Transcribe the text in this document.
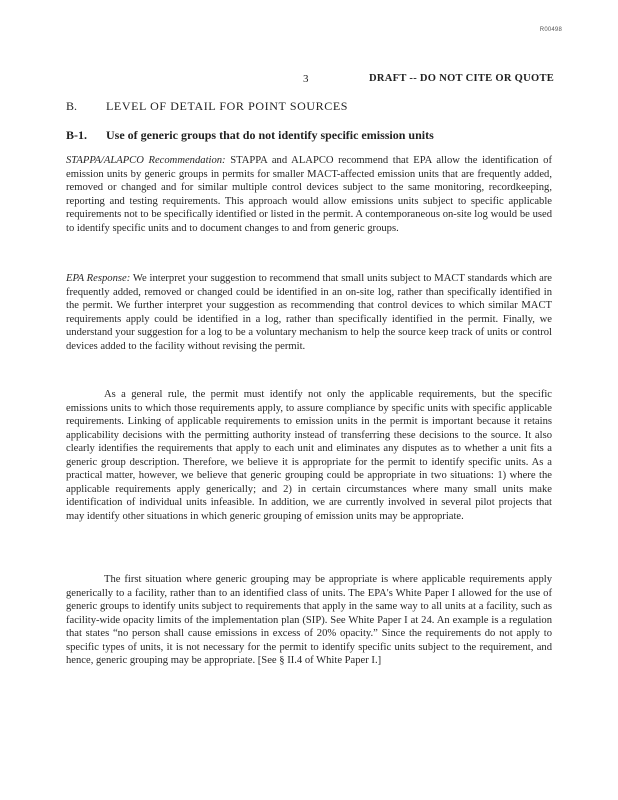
R00498
3	DRAFT -- DO NOT CITE OR QUOTE
B. LEVEL OF DETAIL FOR POINT SOURCES
B-1. Use of generic groups that do not identify specific emission units
STAPPA/ALAPCO Recommendation: STAPPA and ALAPCO recommend that EPA allow the identification of emission units by generic groups in permits for smaller MACT-affected emission units that are frequently added, removed or changed and for similar multiple control devices subject to the same monitoring, recordkeeping, reporting and testing requirements. This approach would allow emissions units subject to specific applicable requirements not to be specifically identified or listed in the permit. A contemporaneous on-site log would be used to identify specific units and to document changes to and from generic groups.
EPA Response: We interpret your suggestion to recommend that small units subject to MACT standards which are frequently added, removed or changed could be identified in an on-site log, rather than specifically identified in the permit. We further interpret your suggestion as recommending that control devices to which similar MACT requirements apply could be identified in a log, rather than specifically identified in the permit. Finally, we understand your suggestion for a log to be a voluntary mechanism to help the source keep track of units or control devices added to the facility without revising the permit.
As a general rule, the permit must identify not only the applicable requirements, but the specific emissions units to which those requirements apply, to assure compliance by specific units with specific applicable requirements. Linking of applicable requirements to emission units in the permit is important because it retains applicability decisions with the permitting authority instead of transferring these decisions to the source. It also clearly identifies the requirements that apply to each unit and eliminates any disputes as to whether a unit fits a generic group description. Therefore, we believe it is appropriate for the permit to identify specific units. As a practical matter, however, we believe that generic grouping could be appropriate in two situations: 1) where the applicable requirements apply generically; and 2) in certain circumstances where many small units make identification of individual units infeasible. In addition, we are currently involved in several pilot projects that may identify other situations in which generic grouping of emission units may be appropriate.
The first situation where generic grouping may be appropriate is where applicable requirements apply generically to a facility, rather than to an identified class of units. The EPA's White Paper I allowed for the use of generic groups to identify units subject to requirements that apply in the same way to all units at a facility, such as facility-wide opacity limits of the implementation plan (SIP). See White Paper I at 24. An example is a regulation that states “no person shall cause emissions in excess of 20% opacity.” Since the requirements do not apply to specific types of units, it is not necessary for the permit to identify specific units subject to the requirement, and hence, generic grouping may be appropriate. [See § II.4 of White Paper I.]
